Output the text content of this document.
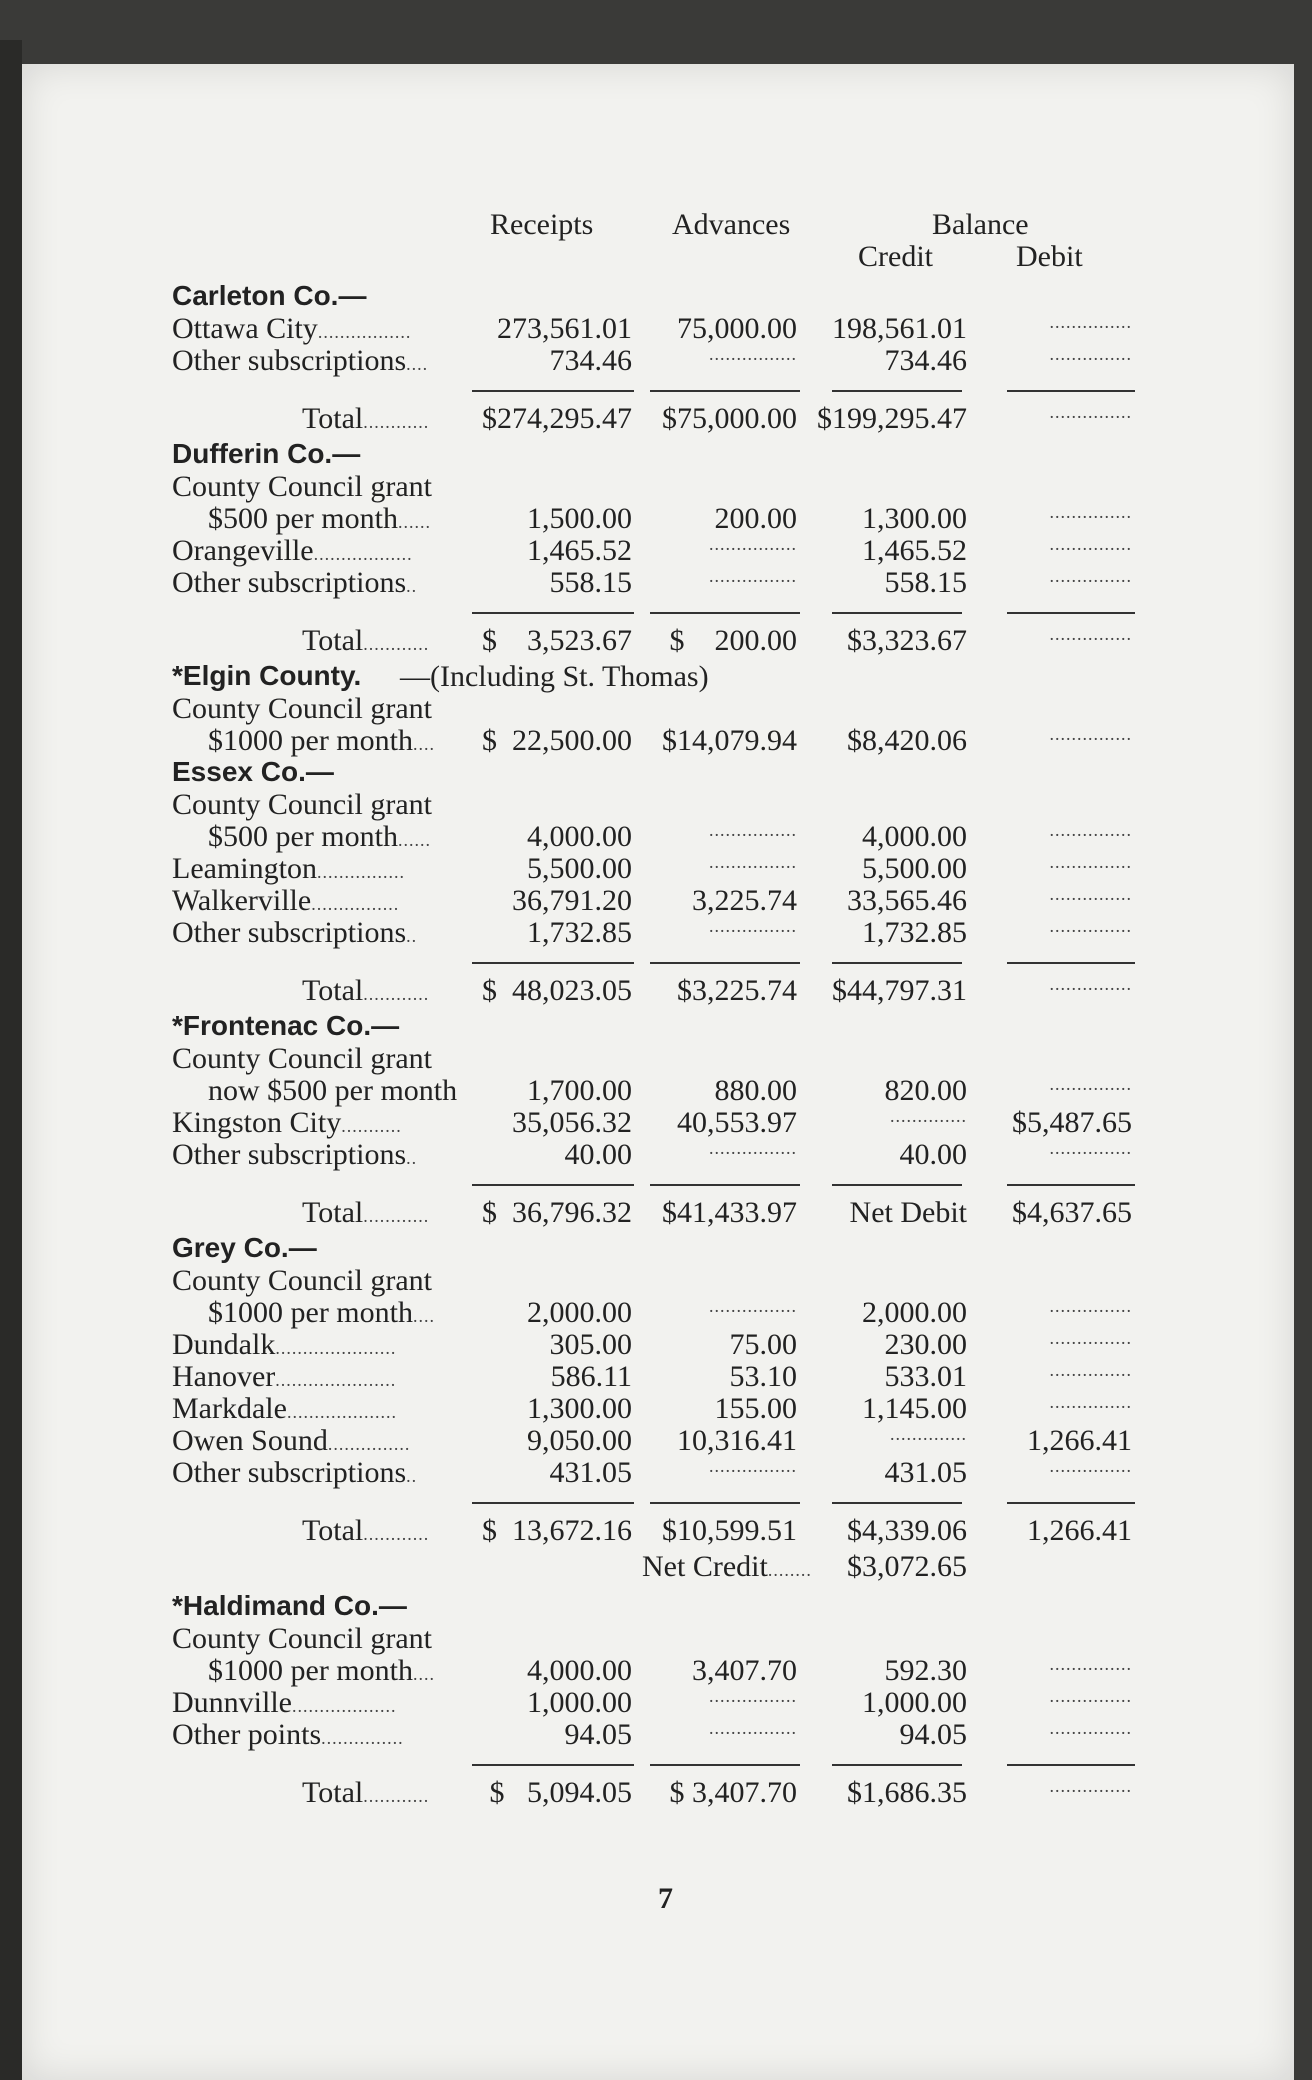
Receipts	Advances	Balance
Credit	Debit
Carleton Co.—
Ottawa City.................	273,561.01 75,000.00 198,561.01	...............
Other subscriptions....	734.46	................	734.46	...............
Total............ $274,295.47 $75,000.00 $199,295.47	...............
Dufferin Co.—
County Council grant
$500 per month......	1,500.00	200.00 1,300.00	...............
Orangeville..................	1,465.52	................ 1,465.52	...............
Other subscriptions..	558.15	................	558.15	...............
Total............ $    3,523.67 $    200.00 $3,323.67	...............
*Elgin County. —(Including St. Thomas)
County Council grant
$1000 per month.... $  22,500.00 $14,079.94 $8,420.06	...............
Essex Co.—
County Council grant
$500 per month......	4,000.00	................ 4,000.00	...............
Leamington................	5,500.00	................ 5,500.00	...............
Walkerville................	36,791.20 3,225.74 33,565.46	...............
Other subscriptions..	1,732.85	................ 1,732.85	...............
Total............ $  48,023.05 $3,225.74 $44,797.31	...............
*Frontenac Co.—
County Council grant
now $500 per month 1,700.00	880.00	820.00	...............
Kingston City...........	35,056.32 40,553.97	.............. $5,487.65
Other subscriptions..	40.00	................	40.00	...............
Total............ $  36,796.32 $41,433.97 Net Debit $4,637.65
Grey Co.—
County Council grant
$1000 per month....	2,000.00	................ 2,000.00	...............
Dundalk......................	305.00	75.00	230.00	...............
Hanover......................	586.11	53.10	533.01	...............
Markdale....................	1,300.00	155.00 1,145.00	...............
Owen Sound...............	9,050.00 10,316.41	.............. 1,266.41
Other subscriptions..	431.05	................	431.05	...............
Total............ $  13,672.16 $10,599.51 $4,339.06 1,266.41
Net Credit........ $3,072.65
*Haldimand Co.—
County Council grant
$1000 per month....	4,000.00 3,407.70	592.30	...............
Dunnville...................	1,000.00	................ 1,000.00	...............
Other points...............	94.05	................	94.05	...............
Total............ $   5,094.05 $ 3,407.70 $1,686.35	...............
7
